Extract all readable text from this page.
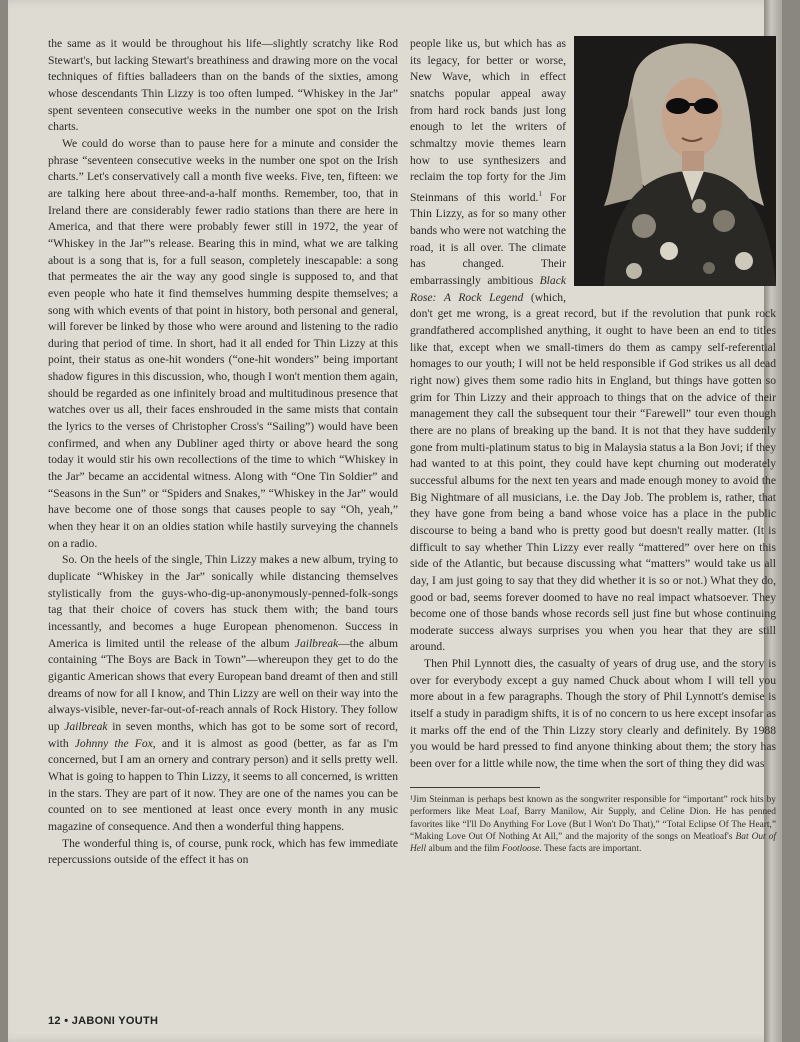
the same as it would be throughout his life—slightly scratchy like Rod Stewart's, but lacking Stewart's breathiness and drawing more on the vocal techniques of fifties balladeers than on the bands of the sixties, among whose descendants Thin Lizzy is too often lumped. “Whiskey in the Jar” spent seventeen consecutive weeks in the number one spot on the Irish charts.

We could do worse than to pause here for a minute and consider the phrase “seventeen consecutive weeks in the number one spot on the Irish charts.” Let's conservatively call a month five weeks. Five, ten, fifteen: we are talking here about three-and-a-half months. Remember, too, that in Ireland there are considerably fewer radio stations than there are here in America, and that there were probably fewer still in 1972, the year of “Whiskey in the Jar”'s release. Bearing this in mind, what we are talking about is a song that is, for a full season, completely inescapable: a song that permeates the air the way any good single is supposed to, and that even people who hate it find themselves humming despite themselves; a song with which events of that point in history, both personal and general, will forever be linked by those who were around and listening to the radio during that period of time. In short, had it all ended for Thin Lizzy at this point, their status as one-hit wonders (“one-hit wonders” being important shadow figures in this discussion, who, though I won't mention them again, should be regarded as one infinitely broad and multitudinous presence that watches over us all, their faces enshrouded in the same mists that contain the lyrics to the verses of Christopher Cross's “Sailing”) would have been confirmed, and when any Dubliner aged thirty or above heard the song today it would stir his own recollections of the time to which “Whiskey in the Jar” became an accidental witness. Along with “One Tin Soldier” and “Seasons in the Sun” or “Spiders and Snakes,” “Whiskey in the Jar” would have become one of those songs that causes people to say “Oh, yeah,” when they hear it on an oldies station while hastily surveying the channels on a radio.

So. On the heels of the single, Thin Lizzy makes a new album, trying to duplicate “Whiskey in the Jar” sonically while distancing themselves stylistically from the guys-who-dig-up-anonymously-penned-folk-songs tag that their choice of covers has stuck them with; the band tours incessantly, and becomes a huge European phenomenon. Success in America is limited until the release of the album Jailbreak—the album containing “The Boys are Back in Town”—whereupon they get to do the gigantic American shows that every European band dreamt of then and still dreams of now for all I know, and Thin Lizzy are well on their way into the always-visible, never-far-out-of-reach annals of Rock History. They follow up Jailbreak in seven months, which has got to be some sort of record, with Johnny the Fox, and it is almost as good (better, as far as I'm concerned, but I am an ornery and contrary person) and it sells pretty well. What is going to happen to Thin Lizzy, it seems to all concerned, is written in the stars. They are part of it now. They are one of the names you can be counted on to see mentioned at least once every month in any music magazine of consequence. And then a wonderful thing happens.

The wonderful thing is, of course, punk rock, which has few immediate repercussions outside of the effect it has on

people like us, but which has as its legacy, for better or worse, New Wave, which in effect snatchs popular appeal away from hard rock bands just long enough to let the writers of schmaltzy movie themes learn how to use synthesizers and reclaim the top forty for the Jim Steinmans of this world.$^1$ For Thin Lizzy, as for so many other bands who were not watching the road, it is all over. The climate has changed. Their embarrassingly ambitious Black Rose: A Rock Legend (which, don't get me wrong, is a great record, but if the revolution that punk rock grandfathered accomplished anything, it ought to have been an end to titles like that, except when we small-timers do them as campy self-referential homages to our youth; I will not be held responsible if God strikes us all dead right now) gives them some radio hits in England, but things have gotten so grim for Thin Lizzy and their approach to things that on the advice of their management they call the subsequent tour their “Farewell” tour even though there are no plans of breaking up the band. It is not that they have suddenly gone from multi-platinum status to big in Malaysia status a la Bon Jovi; if they had wanted to at this point, they could have kept churning out moderately successful albums for the next ten years and made enough money to avoid the Big Nightmare of all musicians, i.e. the Day Job. The problem is, rather, that they have gone from being a band whose voice has a place in the public discourse to being a band who is pretty good but doesn't really matter. (It is difficult to say whether Thin Lizzy ever really “mattered” over here on this side of the Atlantic, but because discussing what “matters” would take us all day, I am just going to say that they did whether it is so or not.) What they do, good or bad, seems forever doomed to have no real impact whatsoever. They become one of those bands whose records sell just fine but whose continuing moderate success always surprises you when you hear that they are still around.

Then Phil Lynnott dies, the casualty of years of drug use, and the story is over for everybody except a guy named Chuck about whom I will tell you more about in a few paragraphs. Though the story of Phil Lynnott's demise is itself a study in paradigm shifts, it is of no concern to us here except insofar as it marks off the end of the Thin Lizzy story clearly and definitely. By 1988 you would be hard pressed to find anyone thinking about them; the story has been over for a little while now, the time when the sort of thing they did was

¹Jim Steinman is perhaps best known as the songwriter responsible for “important” rock hits by performers like Meat Loaf, Barry Manilow, Air Supply, and Celine Dion. He has penned favorites like “I'll Do Anything For Love (But I Won't Do That),” “Total Eclipse Of The Heart,” “Making Love Out Of Nothing At All,” and the majority of the songs on Meatloaf's Bat Out of Hell album and the film Footloose. These facts are important.

12 • JABONI YOUTH
